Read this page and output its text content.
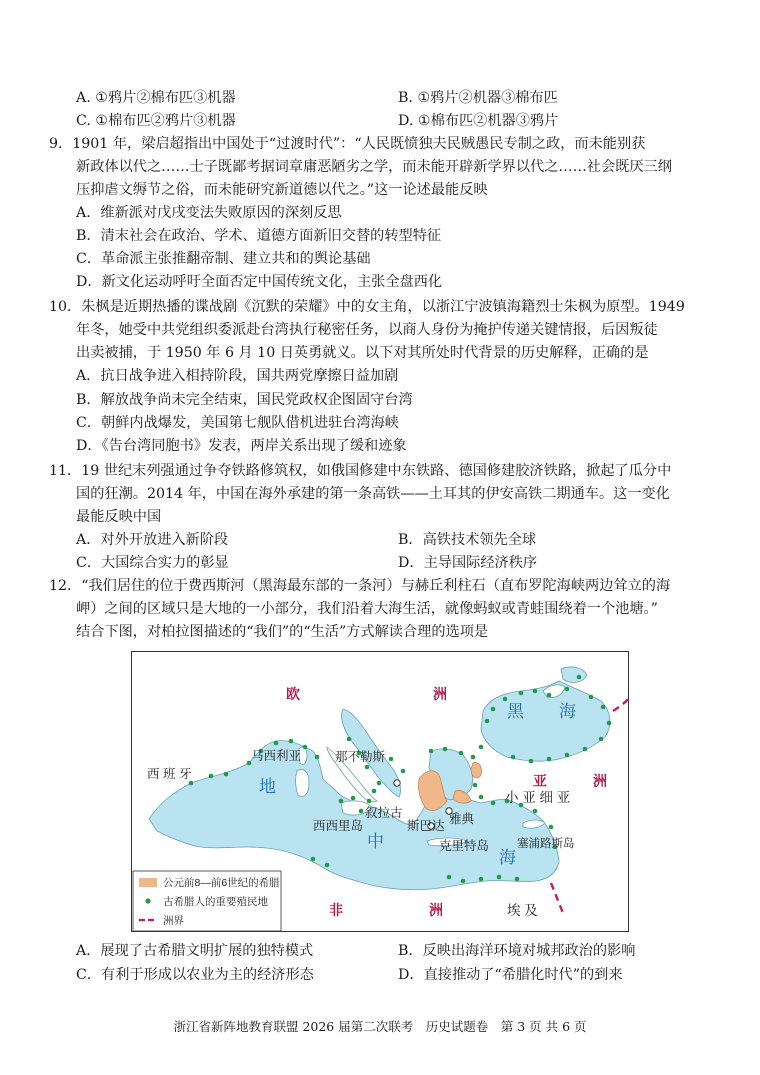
A. ①鸦片②棉布匹③机器	B. ①鸦片②机器③棉布匹
C. ①棉布匹②鸦片③机器	D. ①棉布匹②机器③鸦片
9．1901 年，梁启超指出中国处于“过渡时代”：“人民既愤独夫民贼愚民专制之政，而未能别获
新政体以代之……士子既鄙考据词章庸恶陋劣之学，而未能开辟新学界以代之……社会既厌三纲
压抑虐文缛节之俗，而未能研究新道德以代之。”这一论述最能反映
A．维新派对戊戌变法失败原因的深刻反思
B．清末社会在政治、学术、道德方面新旧交替的转型特征
C．革命派主张推翻帝制、建立共和的舆论基础
D．新文化运动呼吁全面否定中国传统文化，主张全盘西化
10．朱枫是近期热播的谍战剧《沉默的荣耀》中的女主角，以浙江宁波镇海籍烈士朱枫为原型。1949
年冬，她受中共党组织委派赴台湾执行秘密任务，以商人身份为掩护传递关键情报，后因叛徒
出卖被捕，于 1950 年 6 月 10 日英勇就义。以下对其所处时代背景的历史解释，正确的是
A．抗日战争进入相持阶段，国共两党摩擦日益加剧
B．解放战争尚未完全结束，国民党政权企图固守台湾
C．朝鲜内战爆发，美国第七舰队借机进驻台湾海峡
D．《告台湾同胞书》发表，两岸关系出现了缓和迹象
11．19 世纪末列强通过争夺铁路修筑权，如俄国修建中东铁路、德国修建胶济铁路，掀起了瓜分中
国的狂潮。2014 年，中国在海外承建的第一条高铁——土耳其的伊安高铁二期通车。这一变化
最能反映中国
A．对外开放进入新阶段	B．高铁技术领先全球
C．大国综合实力的彰显	D．主导国际经济秩序
12．“我们居住的位于费西斯河（黑海最东部的一条河）与赫丘利柱石（直布罗陀海峡两边耸立的海
岬）之间的区域只是大地的一小部分，我们沿着大海生活，就像蚂蚁或青蛙围绕着一个池塘。”
结合下图，对柏拉图描述的“我们”的“生活”方式解读合理的选项是
欧	洲
西 班 牙
马西利亚	那不勒斯
地
西西里岛
叙拉古
斯巴达 雅典
克里特岛 塞浦路斯岛
中
海
黑 海
亚	洲
小 亚 细 亚
非	洲	埃 及
公元前8—前6世纪的希腊
古希腊人的重要殖民地
洲界
A．展现了古希腊文明扩展的独特模式	B．反映出海洋环境对城邦政治的影响
C．有利于形成以农业为主的经济形态	D．直接推动了“希腊化时代”的到来
浙江省新阵地教育联盟 2026 届第二次联考　历史试题卷　第 3 页 共 6 页
